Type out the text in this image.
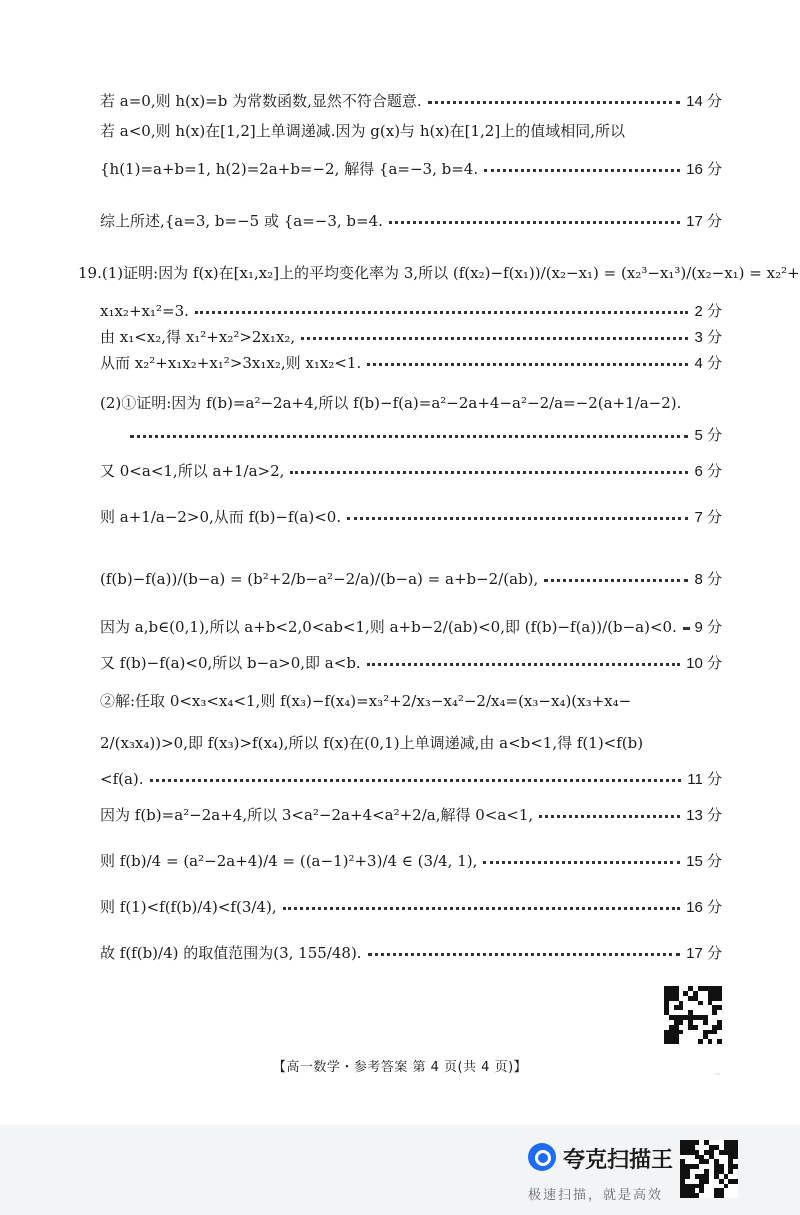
若 a=0,则 h(x)=b 为常数函数,显然不符合题意.	14 分
若 a<0,则 h(x)在[1,2]上单调递减.因为 g(x)与 h(x)在[1,2]上的值域相同,所以
{h(1)=a+b=1, h(2)=2a+b=−2, 解得 {a=−3, b=4.	16 分
综上所述,{a=3, b=−5 或 {a=−3, b=4.	17 分
19.(1)证明:因为 f(x)在[x₁,x₂]上的平均变化率为 3,所以 (f(x₂)−f(x₁))/(x₂−x₁) = (x₂³−x₁³)/(x₂−x₁) = x₂²+
x₁x₂+x₁²=3.	2 分
由 x₁<x₂,得 x₁²+x₂²>2x₁x₂,	3 分
从而 x₂²+x₁x₂+x₁²>3x₁x₂,则 x₁x₂<1.	4 分
(2)①证明:因为 f(b)=a²−2a+4,所以 f(b)−f(a)=a²−2a+4−a²−2/a=−2(a+1/a−2).
5 分
又 0<a<1,所以 a+1/a>2,	6 分
则 a+1/a−2>0,从而 f(b)−f(a)<0.	7 分
(f(b)−f(a))/(b−a) = (b²+2/b−a²−2/a)/(b−a) = a+b−2/(ab),	8 分
因为 a,b∈(0,1),所以 a+b<2,0<ab<1,则 a+b−2/(ab)<0,即 (f(b)−f(a))/(b−a)<0. 9 分
又 f(b)−f(a)<0,所以 b−a>0,即 a<b.	10 分
②解:任取 0<x₃<x₄<1,则 f(x₃)−f(x₄)=x₃²+2/x₃−x₄²−2/x₄=(x₃−x₄)(x₃+x₄−
2/(x₃x₄))>0,即 f(x₃)>f(x₄),所以 f(x)在(0,1)上单调递减,由 a<b<1,得 f(1)<f(b)
<f(a).	11 分
因为 f(b)=a²−2a+4,所以 3<a²−2a+4<a²+2/a,解得 0<a<1,	13 分
则 f(b)/4 = (a²−2a+4)/4 = ((a−1)²+3)/4 ∈ (3/4, 1),	15 分
则 f(1)<f(f(b)/4)<f(3/4),	16 分
故 f(f(b)/4) 的取值范围为(3, 155/48).	17 分
【高一数学・参考答案 第 4 页(共 4 页)】	··
夸克扫描王
极速扫描，就是高效
